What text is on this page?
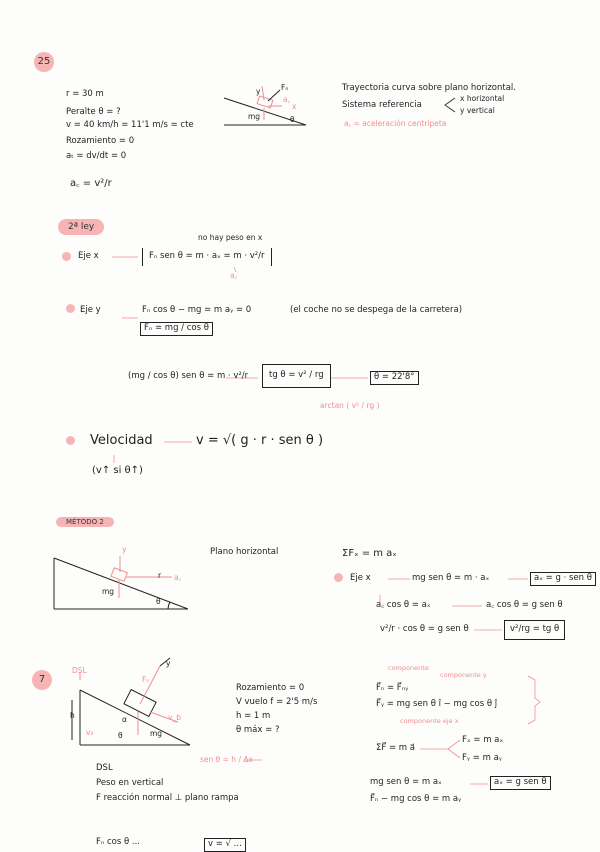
25
r = 30 m
Peralte θ = ?
v = 40 km/h = 11'1 m/s = cte
Rozamiento = 0
aₜ = dv/dt = 0
a꜀ = v²/r
y	Fₙ
a꜀
x
mg	θ
Trayectoria curva sobre plano horizontal.
Sistema referencia
x horizontal
y vertical
a꜀ = aceleración centrípeta
2ª ley
no hay peso en x
a꜀
Eje x	Fₙ sen θ = m · aₓ = m · v²/r
Eje y	Fₙ cos θ − mg = m aᵧ = 0	(el coche no se despega de la carretera)
Fₙ = mg / cos θ
(mg / cos θ) sen θ = m · v²/r	tg θ = v² / rg	θ = 22'8°
arctan ( v² / rg )
Velocidad	v = √( g · r · sen θ )
(v↑ si θ↑)
MÉTODO 2
y
r a꜀
mg
θ
Plano horizontal	ΣFₓ = m aₓ
Eje x	mg sen θ = m · aₓ	aₓ = g · sen θ
a꜀ cos θ = aₓ	a꜀ cos θ = g sen θ
v²/r · cos θ = g sen θ	v²/rg = tg θ
7
DSL
y
Fₙ
h
v₀
v_b
α
θ	mg
Rozamiento = 0
V vuelo f = 2'5 m/s
h = 1 m
θ máx = ?
sen θ = h / Δx
DSL
Peso en vertical
F reacción normal ⊥ plano rampa
componente
componente y
F⃗ₙ = F⃗ₙᵧ
F⃗ᵧ = mg sen θ î − mg cos θ ĵ
componente eje x
ΣF⃗ = m a⃗
Fₓ = m aₓ
Fᵧ = m aᵧ
mg sen θ = m aₓ	aₓ = g sen θ
F⃗ₙ − mg cos θ = m aᵧ
Fₙ cos θ ...	v = √ ...
